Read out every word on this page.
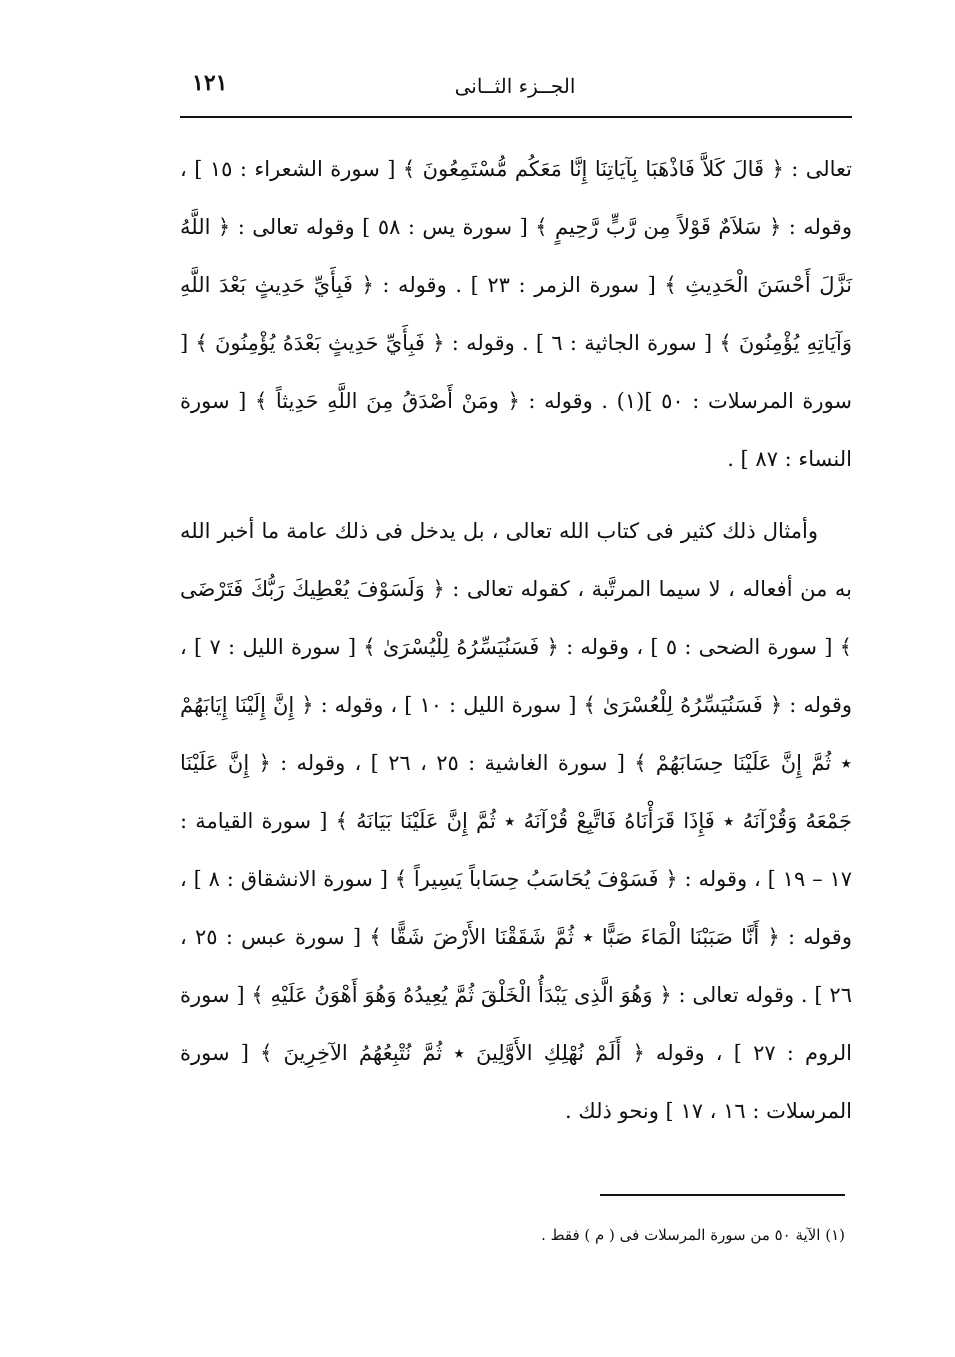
١٢١	الجــزء الثــانى

تعالى : ﴿ قَالَ كَلاَّ فَاذْهَبَا بِآيَاتِنَا إِنَّا مَعَكُم مُّسْتَمِعُونَ ﴾ [ سورة الشعراء : ١٥ ] ، وقوله : ﴿ سَلاَمٌ قَوْلاً مِن رَّبٍّ رَّحِيمٍ ﴾ [ سورة يس : ٥٨ ] وقوله تعالى : ﴿ اللَّهُ نَزَّلَ أَحْسَنَ الْحَدِيثِ ﴾ [ سورة الزمر : ٢٣ ] . وقوله : ﴿ فَبِأَيِّ حَدِيثٍ بَعْدَ اللَّهِ وَآيَاتِهِ يُؤْمِنُونَ ﴾ [ سورة الجاثية : ٦ ] . وقوله : ﴿ فَبِأَيِّ حَدِيثٍ بَعْدَهُ يُؤْمِنُونَ ﴾ [ سورة المرسلات : ٥٠ ](١) . وقوله : ﴿ ومَنْ أَصْدَقُ مِنَ اللَّهِ حَدِيثاً ﴾ [ سورة النساء : ٨٧ ] .

وأمثال ذلك كثير فى كتاب الله تعالى ، بل يدخل فى ذلك عامة ما أخبر الله به من أفعاله ، لا سيما المرتَّبة ، كقوله تعالى : ﴿ وَلَسَوْفَ يُعْطِيكَ رَبُّكَ فَتَرْضَى ﴾ [ سورة الضحى : ٥ ] ، وقوله : ﴿ فَسَنُيَسِّرُهُ لِلْيُسْرَىٰ ﴾ [ سورة الليل : ٧ ] ، وقوله : ﴿ فَسَنُيَسِّرُهُ لِلْعُسْرَىٰ ﴾ [ سورة الليل : ١٠ ] ، وقوله : ﴿ إِنَّ إِلَيْنَا إِيَابَهُمْ ٭ ثُمَّ إِنَّ عَلَيْنَا حِسَابَهُمْ ﴾ [ سورة الغاشية : ٢٥ ، ٢٦ ] ، وقوله : ﴿ إِنَّ عَلَيْنَا جَمْعَهُ وَقُرْآنَهُ ٭ فَإِذَا قَرَأْنَاهُ فَاتَّبِعْ قُرْآنَهُ ٭ ثُمَّ إِنَّ عَلَيْنَا بَيَانَهُ ﴾ [ سورة القيامة : ١٧ – ١٩ ] ، وقوله : ﴿ فَسَوْفَ يُحَاسَبُ حِسَاباً يَسِيراً ﴾ [ سورة الانشقاق : ٨ ] ، وقوله : ﴿ أَنَّا صَبَبْنَا الْمَاءَ صَبًّا ٭ ثُمَّ شَقَقْنَا الأَرْضَ شَقًّا ﴾ [ سورة عبس : ٢٥ ، ٢٦ ] . وقوله تعالى : ﴿ وَهُوَ الَّذِى يَبْدَأُ الْخَلْقَ ثُمَّ يُعِيدُهُ وَهُوَ أَهْوَنُ عَلَيْهِ ﴾ [ سورة الروم : ٢٧ ] ، وقوله ﴿ أَلَمْ نُهْلِكِ الأَوَّلِينَ ٭ ثُمَّ نُتْبِعُهُمُ الآخِرِينَ ﴾ [ سورة المرسلات : ١٦ ، ١٧ ] ونحو ذلك .

(١) الآية ٥٠ من سورة المرسلات فى ( م ) فقط .
